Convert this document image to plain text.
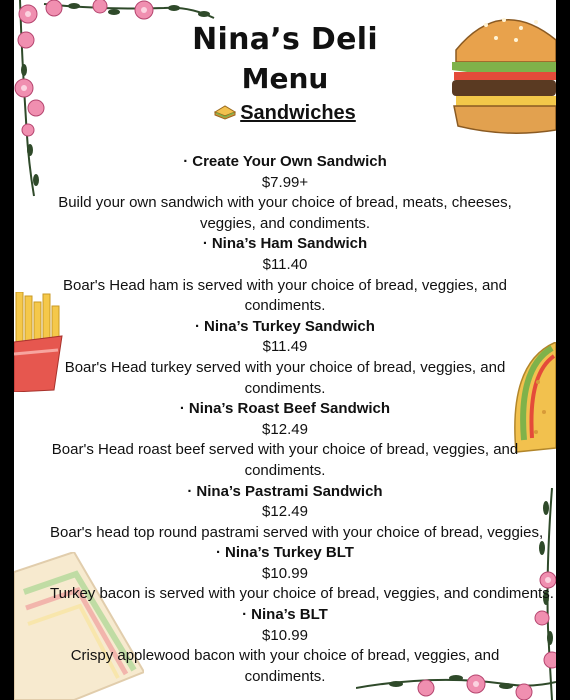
Nina’s Deli
Menu
Sandwiches
· Create Your Own Sandwich
$7.99+
Build your own sandwich with your choice of bread, meats, cheeses, veggies, and condiments.
· Nina’s Ham Sandwich
$11.40
Boar's Head ham is served with your choice of bread, veggies, and condiments.
· Nina’s Turkey Sandwich
$11.49
Boar's Head turkey served with your choice of bread, veggies, and condiments.
· Nina’s Roast Beef Sandwich
$12.49
Boar's Head roast beef served with your choice of bread, veggies, and condiments.
· Nina’s Pastrami Sandwich
$12.49
Boar's head top round pastrami served with your choice of bread, veggies,
· Nina’s Turkey BLT
$10.99
Turkey bacon is served with your choice of bread, veggies, and condiments.
· Nina’s BLT
$10.99
Crispy applewood bacon with your choice of bread, veggies, and condiments.
